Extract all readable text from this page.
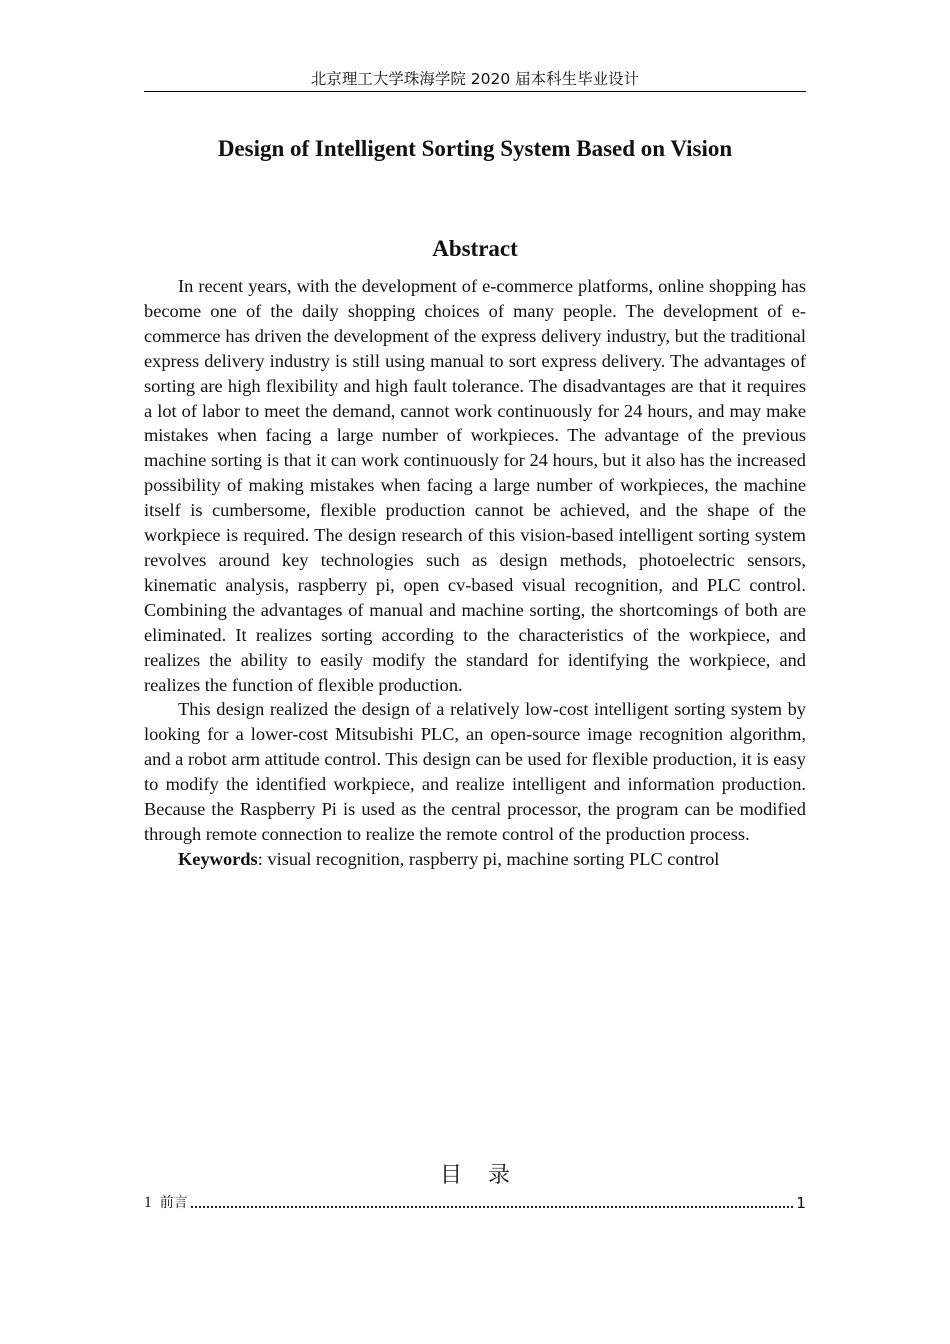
北京理工大学珠海学院 2020 届本科生毕业设计
Design of Intelligent Sorting System Based on Vision
Abstract

In recent years, with the development of e-commerce platforms, online shopping has become one of the daily shopping choices of many people. The development of e-commerce has driven the development of the express delivery industry, but the traditional express delivery industry is still using manual to sort express delivery. The advantages of sorting are high flexibility and high fault tolerance. The disadvantages are that it requires a lot of labor to meet the demand, cannot work continuously for 24 hours, and may make mistakes when facing a large number of workpieces. The advantage of the previous machine sorting is that it can work continuously for 24 hours, but it also has the increased possibility of making mistakes when facing a large number of workpieces, the machine itself is cumbersome, flexible production cannot be achieved, and the shape of the workpiece is required. The design research of this vision-based intelligent sorting system revolves around key technologies such as design methods, photoelectric sensors, kinematic analysis, raspberry pi, open cv-based visual recognition, and PLC control. Combining the advantages of manual and machine sorting, the shortcomings of both are eliminated. It realizes sorting according to the characteristics of the workpiece, and realizes the ability to easily modify the standard for identifying the workpiece, and realizes the function of flexible production.

This design realized the design of a relatively low-cost intelligent sorting system by looking for a lower-cost Mitsubishi PLC, an open-source image recognition algorithm, and a robot arm attitude control. This design can be used for flexible production, it is easy to modify the identified workpiece, and realize intelligent and information production. Because the Raspberry Pi is used as the central processor, the program can be modified through remote connection to realize the remote control of the production process.

Keywords: visual recognition, raspberry pi, machine sorting PLC control

目录
1 前言	1
